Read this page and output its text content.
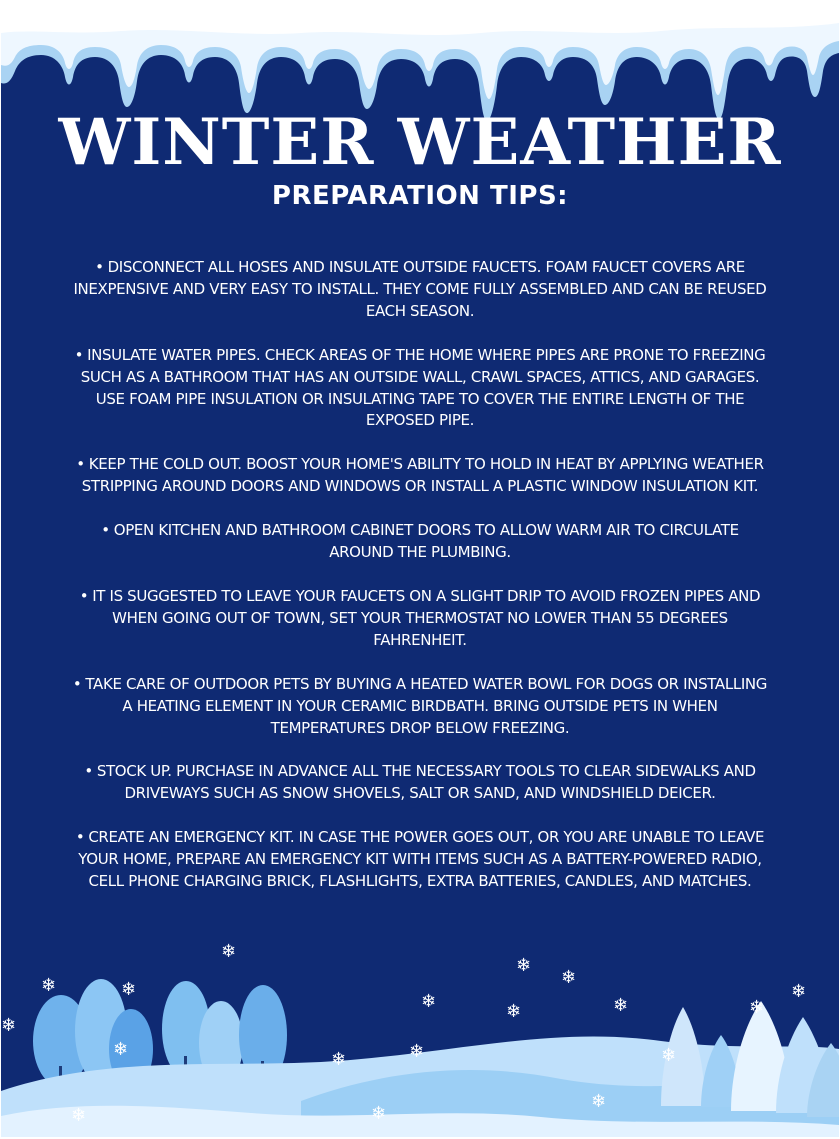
WINTER WEATHER
PREPARATION TIPS:
• DISCONNECT ALL HOSES AND INSULATE OUTSIDE FAUCETS. FOAM FAUCET COVERS ARE INEXPENSIVE AND VERY EASY TO INSTALL. THEY COME FULLY ASSEMBLED AND CAN BE REUSED EACH SEASON.
• INSULATE WATER PIPES. CHECK AREAS OF THE HOME WHERE PIPES ARE PRONE TO FREEZING SUCH AS A BATHROOM THAT HAS AN OUTSIDE WALL, CRAWL SPACES, ATTICS, AND GARAGES. USE FOAM PIPE INSULATION OR INSULATING TAPE TO COVER THE ENTIRE LENGTH OF THE EXPOSED PIPE.
• KEEP THE COLD OUT. BOOST YOUR HOME'S ABILITY TO HOLD IN HEAT BY APPLYING WEATHER STRIPPING AROUND DOORS AND WINDOWS OR INSTALL A PLASTIC WINDOW INSULATION KIT.
• OPEN KITCHEN AND BATHROOM CABINET DOORS TO ALLOW WARM AIR TO CIRCULATE AROUND THE PLUMBING.
• IT IS SUGGESTED TO LEAVE YOUR FAUCETS ON A SLIGHT DRIP TO AVOID FROZEN PIPES AND WHEN GOING OUT OF TOWN, SET YOUR THERMOSTAT NO LOWER THAN 55 DEGREES FAHRENHEIT.
• TAKE CARE OF OUTDOOR PETS BY BUYING A HEATED WATER BOWL FOR DOGS OR INSTALLING A HEATING ELEMENT IN YOUR CERAMIC BIRDBATH. BRING OUTSIDE PETS IN WHEN TEMPERATURES DROP BELOW FREEZING.
• STOCK UP. PURCHASE IN ADVANCE ALL THE NECESSARY TOOLS TO CLEAR SIDEWALKS AND DRIVEWAYS SUCH AS SNOW SHOVELS, SALT OR SAND, AND WINDSHIELD DEICER.
• CREATE AN EMERGENCY KIT. IN CASE THE POWER GOES OUT, OR YOU ARE UNABLE TO LEAVE YOUR HOME, PREPARE AN EMERGENCY KIT WITH ITEMS SUCH AS A BATTERY-POWERED RADIO, CELL PHONE CHARGING BRICK, FLASHLIGHTS, EXTRA BATTERIES, CANDLES, AND MATCHES.
❄	❄
❄
❄	❄
❄
❄
❄
❄
❄	❄	❄
❄
❄
❄	❄
❄
❄
